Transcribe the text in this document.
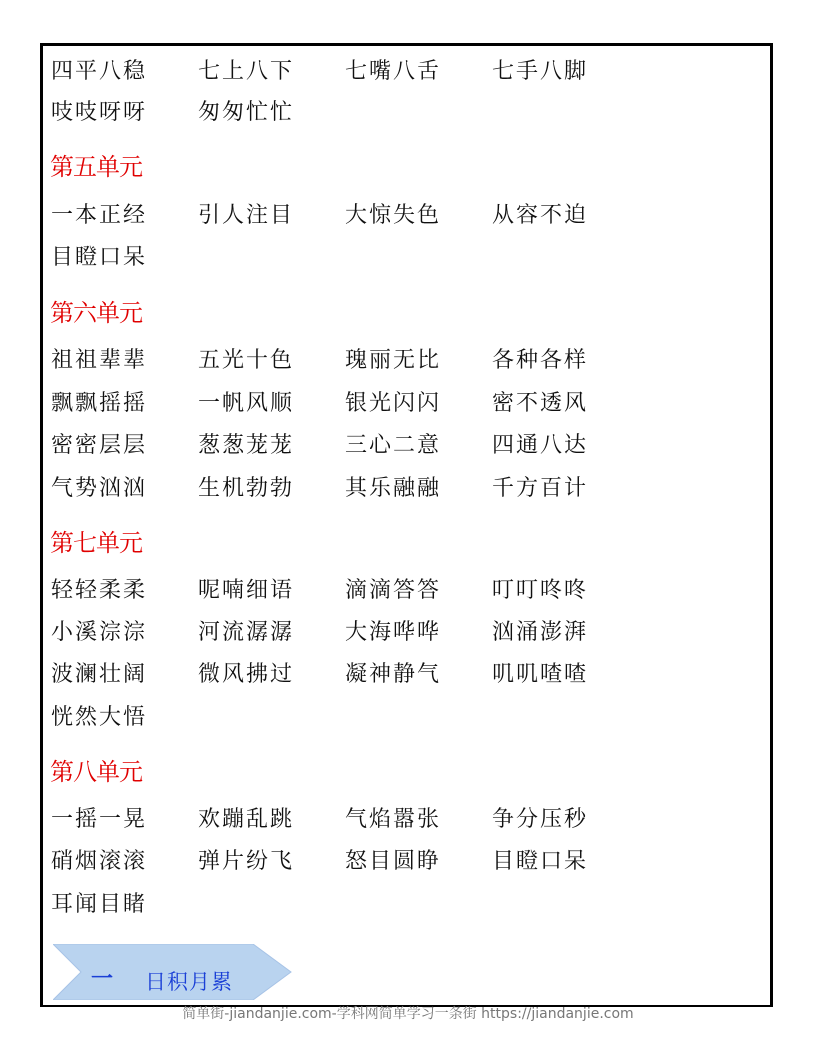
四平八稳	七上八下	七嘴八舌	七手八脚
吱吱呀呀	匆匆忙忙
第五单元
一本正经	引人注目	大惊失色	从容不迫
目瞪口呆
第六单元
祖祖辈辈	五光十色	瑰丽无比	各种各样
飘飘摇摇	一帆风顺	银光闪闪	密不透风
密密层层	葱葱茏茏	三心二意	四通八达
气势汹汹	生机勃勃	其乐融融	千方百计
第七单元
轻轻柔柔	呢喃细语	滴滴答答	叮叮咚咚
小溪淙淙	河流潺潺	大海哗哗	汹涌澎湃
波澜壮阔	微风拂过	凝神静气	叽叽喳喳
恍然大悟
第八单元
一摇一晃	欢蹦乱跳	气焰嚣张	争分压秒
硝烟滚滚	弹片纷飞	怒目圆睁	目瞪口呆
耳闻目睹
一 日积月累
简单街-jiandanjie.com-学科网简单学习一条街 https://jiandanjie.com
